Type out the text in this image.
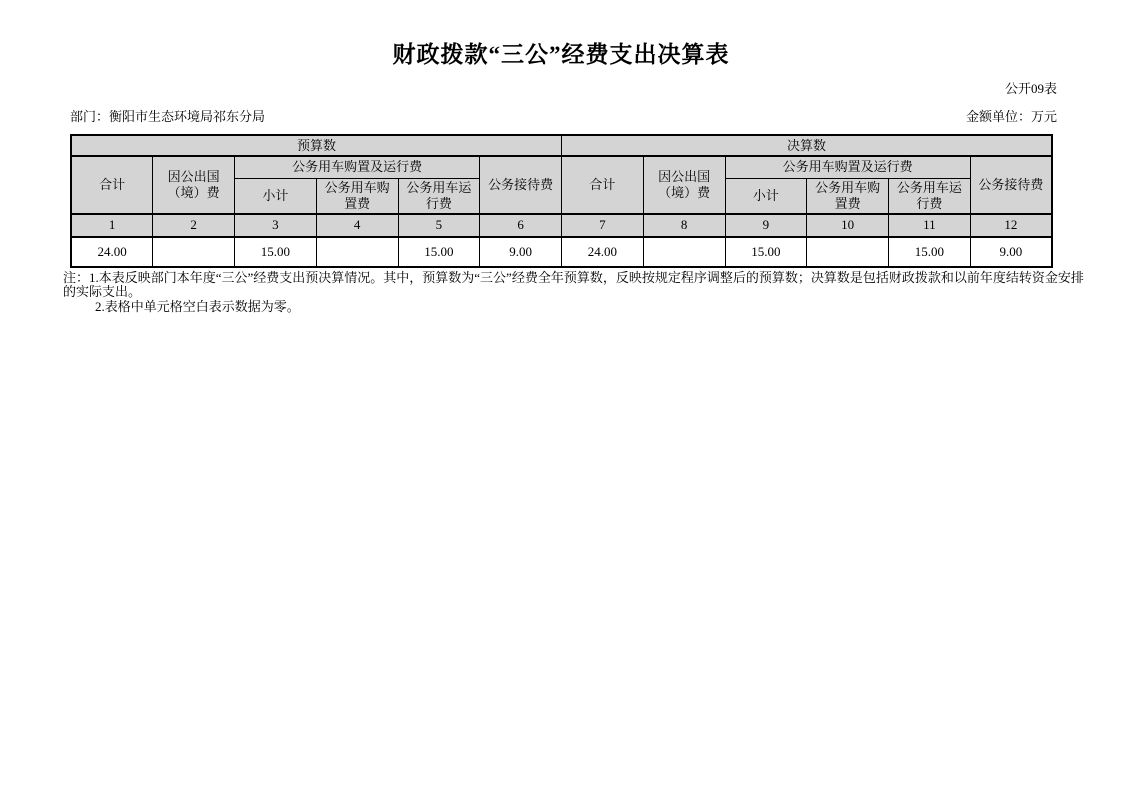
财政拨款“三公”经费支出决算表
公开09表
部门：衡阳市生态环境局祁东分局	金额单位：万元
预算数						决算数					
合计	因公出国（境）费	公务用车购置及运行费			公务接待费	合计	因公出国（境）费	公务用车购置及运行费			公务接待费
		小计	公务用车购置费	公务用车运行费				小计	公务用车购置费	公务用车运行费	
1	2	3	4	5	6	7	8	9	10	11	12
24.00		15.00		15.00	9.00	24.00		15.00		15.00	9.00
注：1.本表反映部门本年度“三公”经费支出预决算情况。其中，预算数为“三公”经费全年预算数，反映按规定程序调整后的预算数；决算数是包括财政拨款和以前年度结转资金安排
的实际支出。
2.表格中单元格空白表示数据为零。
